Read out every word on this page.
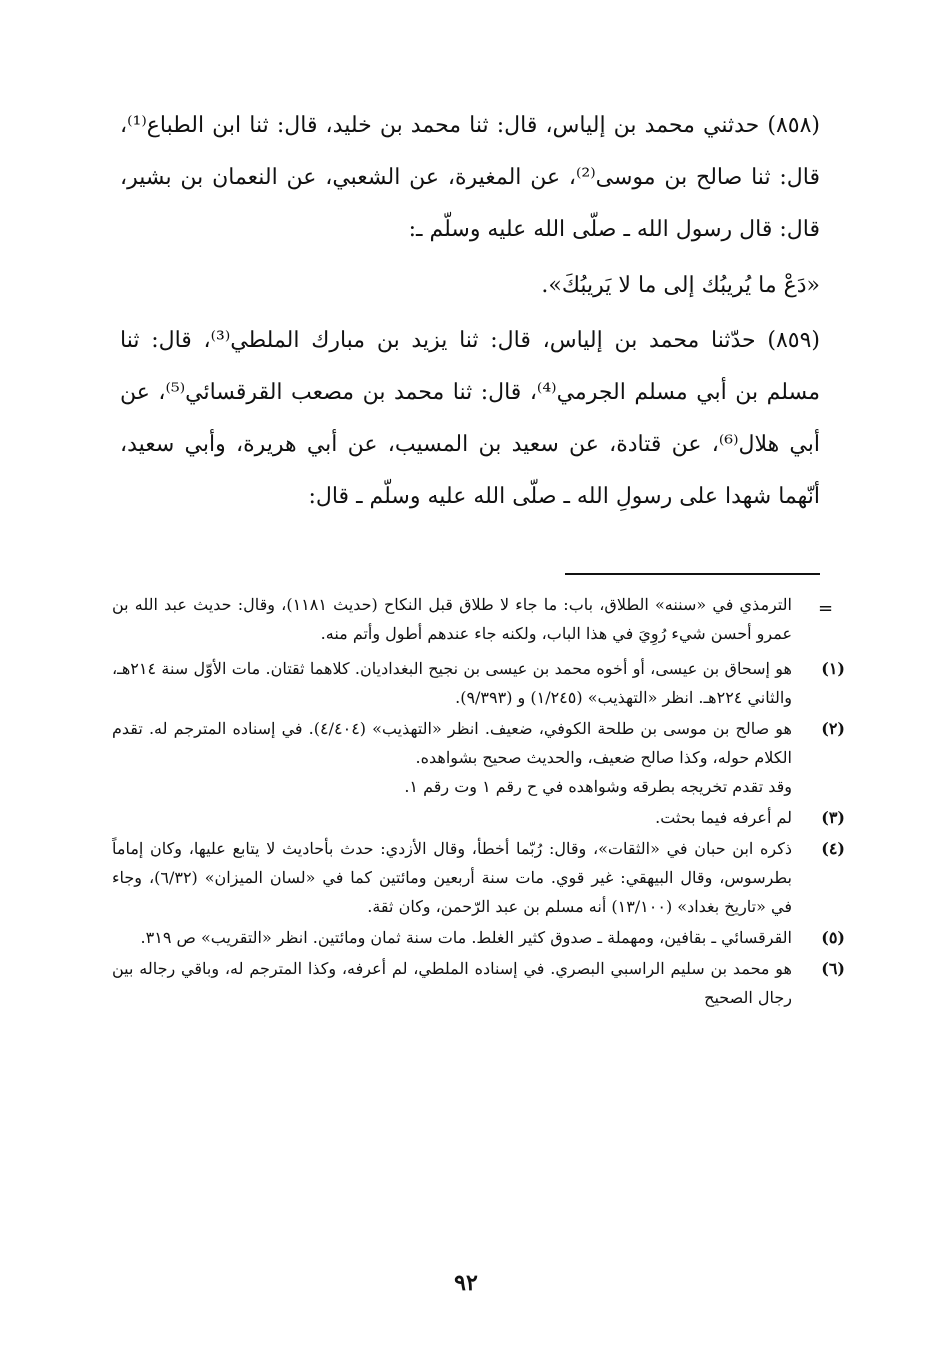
(٨٥٨) حدثني محمد بن إلياس، قال: ثنا محمد بن خليد، قال: ثنا ابن الطباع⁽¹⁾، قال: ثنا صالح بن موسى⁽²⁾، عن المغيرة، عن الشعبي، عن النعمان بن بشير، قال: قال رسول الله ـ صلّى الله عليه وسلّم ـ:
«دَعْ ما يُريبُك إلى ما لا يَريبُكَ».
(٨٥٩) حدّثنا محمد بن إلياس، قال: ثنا يزيد بن مبارك الملطي⁽³⁾، قال: ثنا مسلم بن أبي مسلم الجرمي⁽⁴⁾، قال: ثنا محمد بن مصعب القرقسائي⁽⁵⁾، عن أبي هلال⁽⁶⁾، عن قتادة، عن سعيد بن المسيب، عن أبي هريرة، وأبي سعيد، أنّهما شهدا على رسولِ الله ـ صلّى الله عليه وسلّم ـ قال:
=
الترمذي في «سننه» الطلاق، باب: ما جاء لا طلاق قبل النكاح (حديث ١١٨١)، وقال: حديث عبد الله بن عمرو أحسن شيء رُوِيَ في هذا الباب، ولكنه جاء عندهم أطول وأتم منه.
(١)
هو إسحاق بن عيسى، أو أخوه محمد بن عيسى بن نجيح البغداديان. كلاهما ثقتان. مات الأوّل سنة ٢١٤هـ، والثاني ٢٢٤هـ. انظر «التهذيب» (١/٢٤٥) و (٩/٣٩٣).
(٢)
هو صالح بن موسى بن طلحة الكوفي، ضعيف. انظر «التهذيب» (٤/٤٠٤). في إسناده المترجم له. تقدم الكلام حوله، وكذا صالح ضعيف، والحديث صحيح بشواهده.
وقد تقدم تخريجه بطرقه وشواهده في ح رقم ١ وت رقم ١.
(٣)
لم أعرفه فيما بحثت.
(٤)
ذكره ابن حبان في «الثقات»، وقال: رُبّما أخطأ، وقال الأزدي: حدث بأحاديث لا يتابع عليها، وكان إماماً بطرسوس، وقال البيهقي: غير قوي. مات سنة أربعين ومائتين كما في «لسان الميزان» (٦/٣٢)، وجاء في «تاريخ بغداد» (١٣/١٠٠) أنه مسلم بن عبد الرّحمن، وكان ثقة.
(٥)
القرقسائي ـ بقافين، ومهملة ـ صدوق كثير الغلط. مات سنة ثمان ومائتين. انظر «التقريب» ص ٣١٩.
(٦)
هو محمد بن سليم الراسبي البصري. في إسناده الملطي، لم أعرفه، وكذا المترجم له، وباقي رجاله بين رجال الصحيح
٩٢
